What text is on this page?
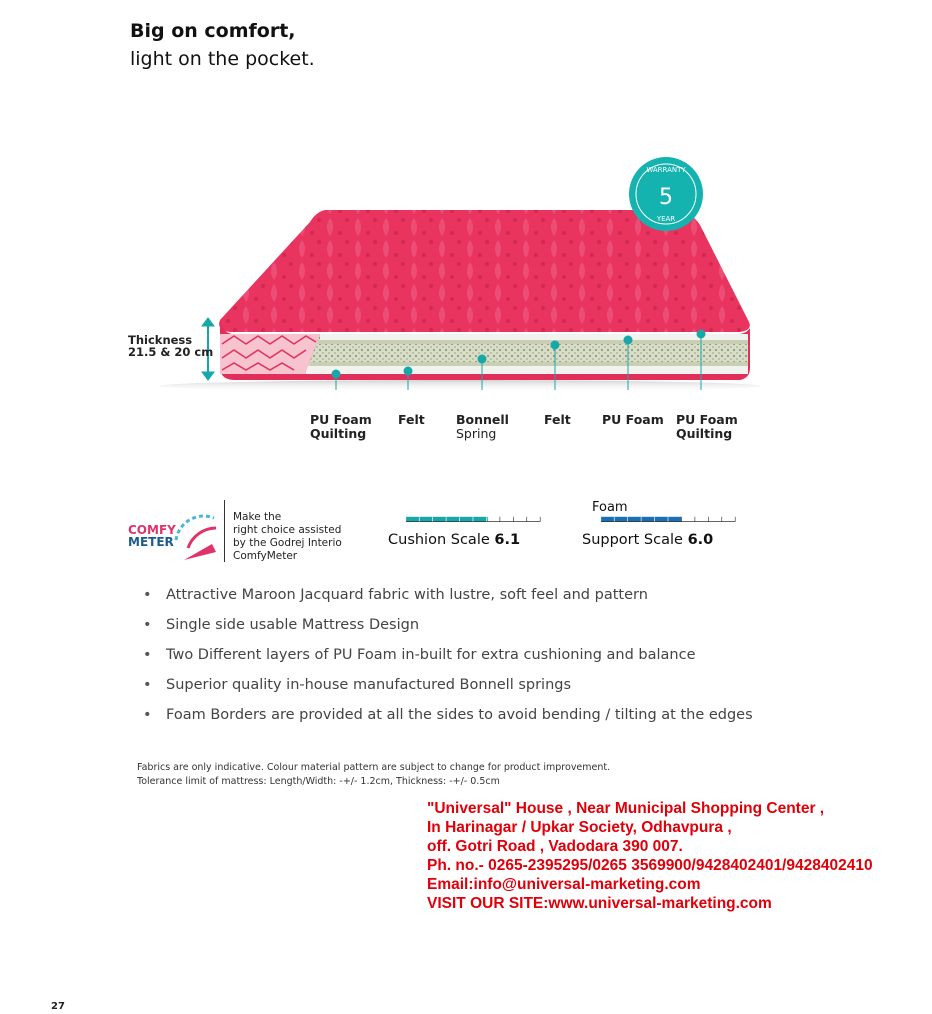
Big on comfort,
light on the pocket.
WARRANTY
5
YEAR
Thickness
21.5 & 20 cm
PU Foam
Quilting
Felt Bonnell
Spring
Felt PU Foam PU Foam
Quilting
COMFY
METER
Make the
right choice assisted
by the Godrej Interio
ComfyMeter
Cushion Scale 6.1
Foam
Support Scale 6.0
• Attractive Maroon Jacquard fabric with lustre, soft feel and pattern
• Single side usable Mattress Design
• Two Different layers of PU Foam in-built for extra cushioning and balance
• Superior quality in-house manufactured Bonnell springs
• Foam Borders are provided at all the sides to avoid bending / tilting at the edges
Fabrics are only indicative. Colour material pattern are subject to change for product improvement.
Tolerance limit of mattress: Length/Width: -+/- 1.2cm, Thickness: -+/- 0.5cm
"Universal" House , Near Municipal Shopping Center ,
In Harinagar / Upkar Society, Odhavpura ,
off. Gotri Road , Vadodara 390 007.
Ph. no.- 0265-2395295/0265 3569900/9428402401/9428402410
Email:info@universal-marketing.com
VISIT OUR SITE:www.universal-marketing.com
27
